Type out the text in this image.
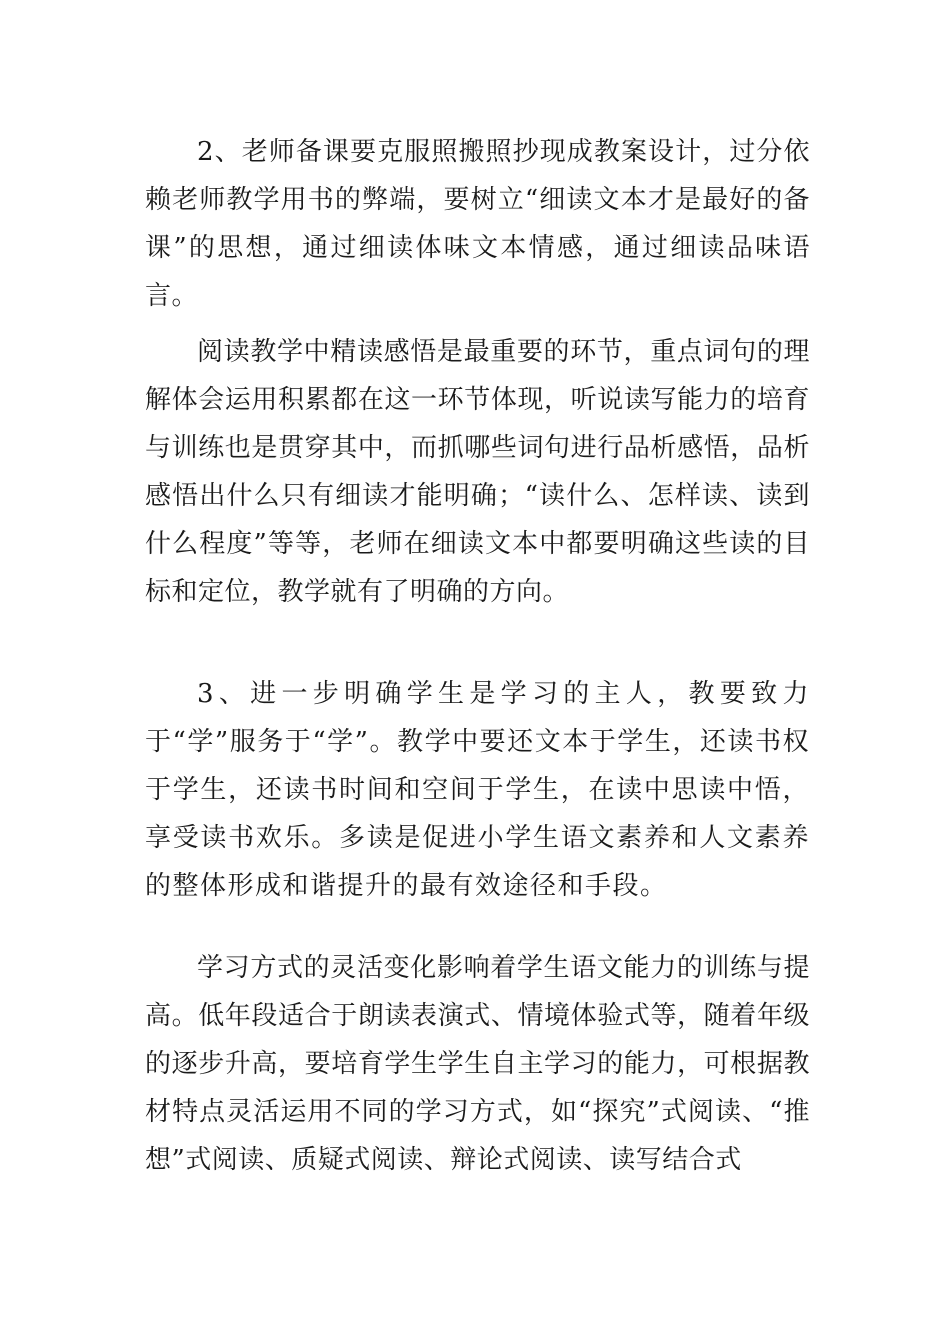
2、老师备课要克服照搬照抄现成教案设计，过分依赖老师教学用书的弊端，要树立“细读文本才是最好的备课”的思想，通过细读体味文本情感，通过细读品味语言。

阅读教学中精读感悟是最重要的环节，重点词句的理解体会运用积累都在这一环节体现，听说读写能力的培育与训练也是贯穿其中，而抓哪些词句进行品析感悟，品析感悟出什么只有细读才能明确；“读什么、怎样读、读到什么程度”等等，老师在细读文本中都要明确这些读的目标和定位，教学就有了明确的方向。

3、进一步明确学生是学习的主人，教要致力于“学”服务于“学”。教学中要还文本于学生，还读书权于学生，还读书时间和空间于学生，在读中思读中悟，享受读书欢乐。多读是促进小学生语文素养和人文素养的整体形成和谐提升的最有效途径和手段。

学习方式的灵活变化影响着学生语文能力的训练与提高。低年段适合于朗读表演式、情境体验式等，随着年级的逐步升高，要培育学生学生自主学习的能力，可根据教材特点灵活运用不同的学习方式，如“探究”式阅读、“推想”式阅读、质疑式阅读、辩论式阅读、读写结合式
